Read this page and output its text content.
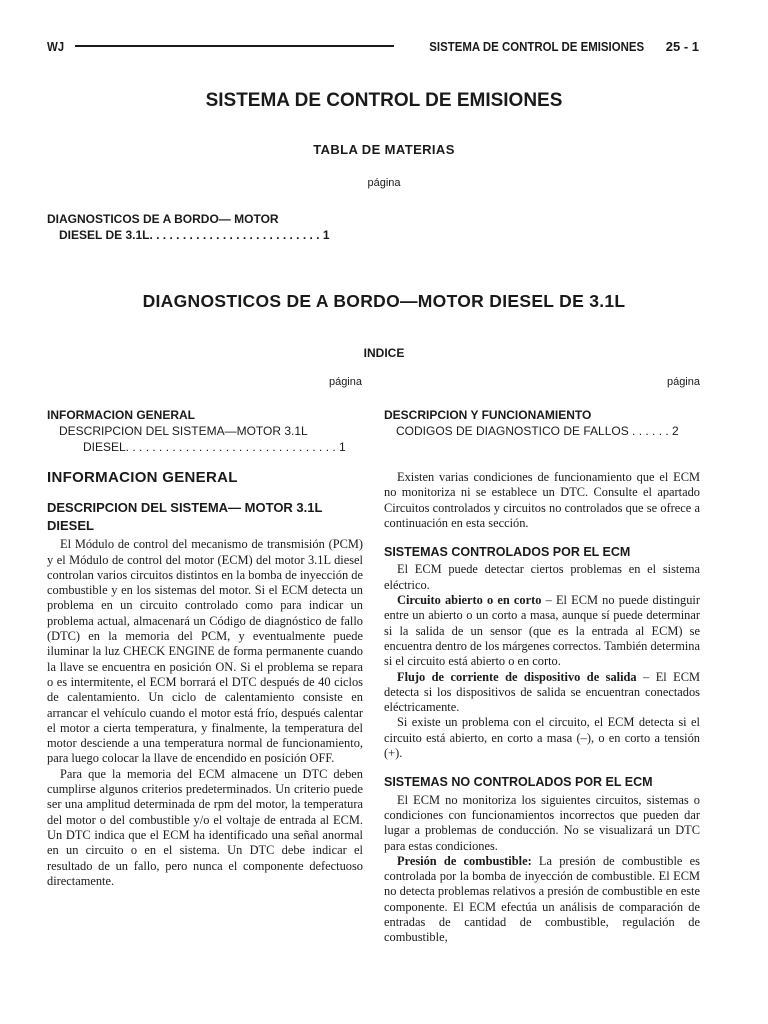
WJ	SISTEMA DE CONTROL DE EMISIONES 25 - 1
SISTEMA DE CONTROL DE EMISIONES
TABLA DE MATERIAS
página
DIAGNOSTICOS DE A BORDO— MOTOR
DIESEL DE 3.1L. . . . . . . . . . . . . . . . . . . . . . . . . . 1
DIAGNOSTICOS DE A BORDO—MOTOR DIESEL DE 3.1L
INDICE
página	página
INFORMACION GENERAL
DESCRIPCION DEL SISTEMA—MOTOR 3.1L
DIESEL. . . . . . . . . . . . . . . . . . . . . . . . . . . . . . . . 1
DESCRIPCION Y FUNCIONAMIENTO
CODIGOS DE DIAGNOSTICO DE FALLOS . . . . . . 2
INFORMACION GENERAL
DESCRIPCION DEL SISTEMA— MOTOR 3.1L DIESEL

El Módulo de control del mecanismo de transmisión (PCM) y el Módulo de control del motor (ECM) del motor 3.1L diesel controlan varios circuitos distintos en la bomba de inyección de combustible y en los sistemas del motor. Si el ECM detecta un problema en un circuito controlado como para indicar un problema actual, almacenará un Código de diagnóstico de fallo (DTC) en la memoria del PCM, y eventualmente puede iluminar la luz CHECK ENGINE de forma permanente cuando la llave se encuentra en posición ON. Si el problema se repara o es intermitente, el ECM borrará el DTC después de 40 ciclos de calentamiento. Un ciclo de calentamiento consiste en arrancar el vehículo cuando el motor está frío, después calentar el motor a cierta temperatura, y finalmente, la temperatura del motor desciende a una temperatura normal de funcionamiento, para luego colocar la llave de encendido en posición OFF.

Para que la memoria del ECM almacene un DTC deben cumplirse algunos criterios predeterminados. Un criterio puede ser una amplitud determinada de rpm del motor, la temperatura del motor o del combustible y/o el voltaje de entrada al ECM. Un DTC indica que el ECM ha identificado una señal anormal en un circuito o en el sistema. Un DTC debe indicar el resultado de un fallo, pero nunca el componente defectuoso directamente.

Existen varias condiciones de funcionamiento que el ECM no monitoriza ni se establece un DTC. Consulte el apartado Circuitos controlados y circuitos no controlados que se ofrece a continuación en esta sección.

SISTEMAS CONTROLADOS POR EL ECM

El ECM puede detectar ciertos problemas en el sistema eléctrico.

Circuito abierto o en corto – El ECM no puede distinguir entre un abierto o un corto a masa, aunque sí puede determinar si la salida de un sensor (que es la entrada al ECM) se encuentra dentro de los márgenes correctos. También determina si el circuito está abierto o en corto.

Flujo de corriente de dispositivo de salida – El ECM detecta si los dispositivos de salida se encuentran conectados eléctricamente.

Si existe un problema con el circuito, el ECM detecta si el circuito está abierto, en corto a masa (–), o en corto a tensión (+).

SISTEMAS NO CONTROLADOS POR EL ECM

El ECM no monitoriza los siguientes circuitos, sistemas o condiciones con funcionamientos incorrectos que pueden dar lugar a problemas de conducción. No se visualizará un DTC para estas condiciones.

Presión de combustible: La presión de combustible es controlada por la bomba de inyección de combustible. El ECM no detecta problemas relativos a presión de combustible en este componente. El ECM efectúa un análisis de comparación de entradas de cantidad de combustible, regulación de combustible,
